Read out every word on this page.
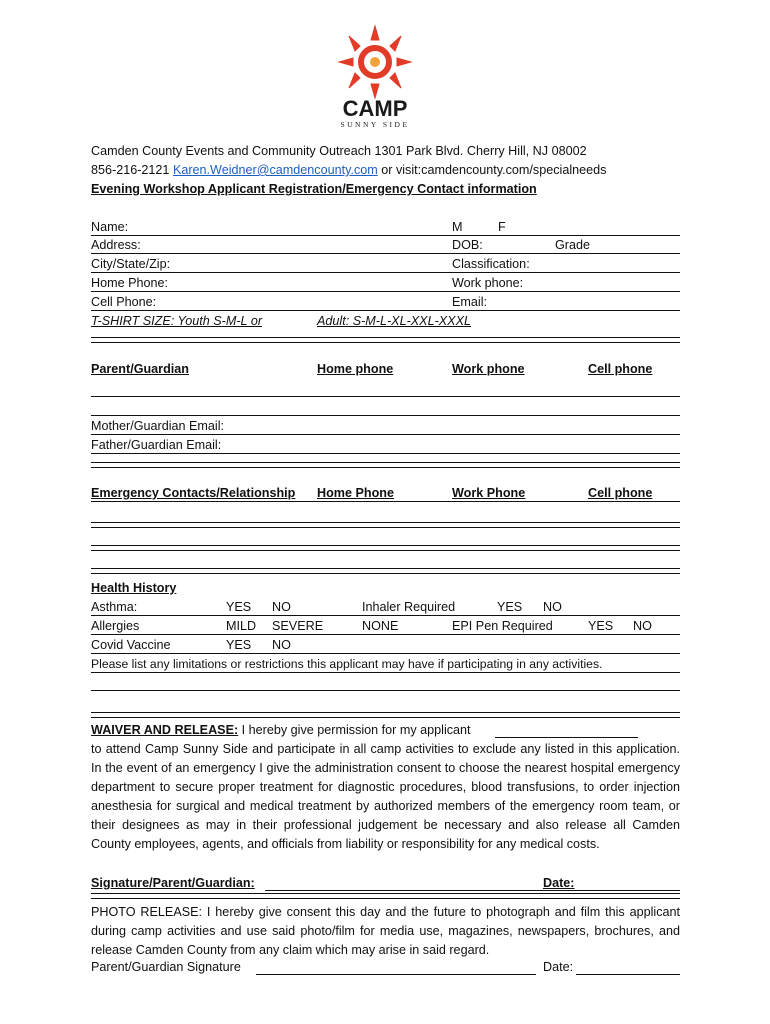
CAMP
SUNNY SIDE
Camden County Events and Community Outreach 1301 Park Blvd. Cherry Hill, NJ 08002
856-216-2121 Karen.Weidner@camdencounty.com or visit:camdencounty.com/specialneeds
Evening Workshop Applicant Registration/Emergency Contact information
Name:	M	F
Address:	DOB:	Grade
City/State/Zip:	Classification:
Home Phone:	Work phone:
Cell Phone:	Email:
T-SHIRT SIZE: Youth S-M-L or	Adult: S-M-L-XL-XXL-XXXL
Parent/Guardian	Home phone	Work phone	Cell phone
Mother/Guardian Email:
Father/Guardian Email:
Emergency Contacts/Relationship Home Phone	Work Phone	Cell phone
Health History
Asthma:	YES NO	Inhaler Required	YES NO
Allergies	MILD SEVERE	NONE	EPI Pen Required	YES NO
Covid Vaccine	YES NO
Please list any limitations or restrictions this applicant may have if participating in any activities.
WAIVER AND RELEASE: I hereby give permission for my applicant
to attend Camp Sunny Side and participate in all camp activities to exclude any listed in this application. In the event of an emergency I give the administration consent to choose the nearest hospital emergency department to secure proper treatment for diagnostic procedures, blood transfusions, to order injection anesthesia for surgical and medical treatment by authorized members of the emergency room team, or their designees as may in their professional judgement be necessary and also release all Camden County employees, agents, and officials from liability or responsibility for any medical costs.
Signature/Parent/Guardian:	Date:
PHOTO RELEASE: I hereby give consent this day and the future to photograph and film this applicant during camp activities and use said photo/film for media use, magazines, newspapers, brochures, and release Camden County from any claim which may arise in said regard.
Parent/Guardian Signature	Date:
